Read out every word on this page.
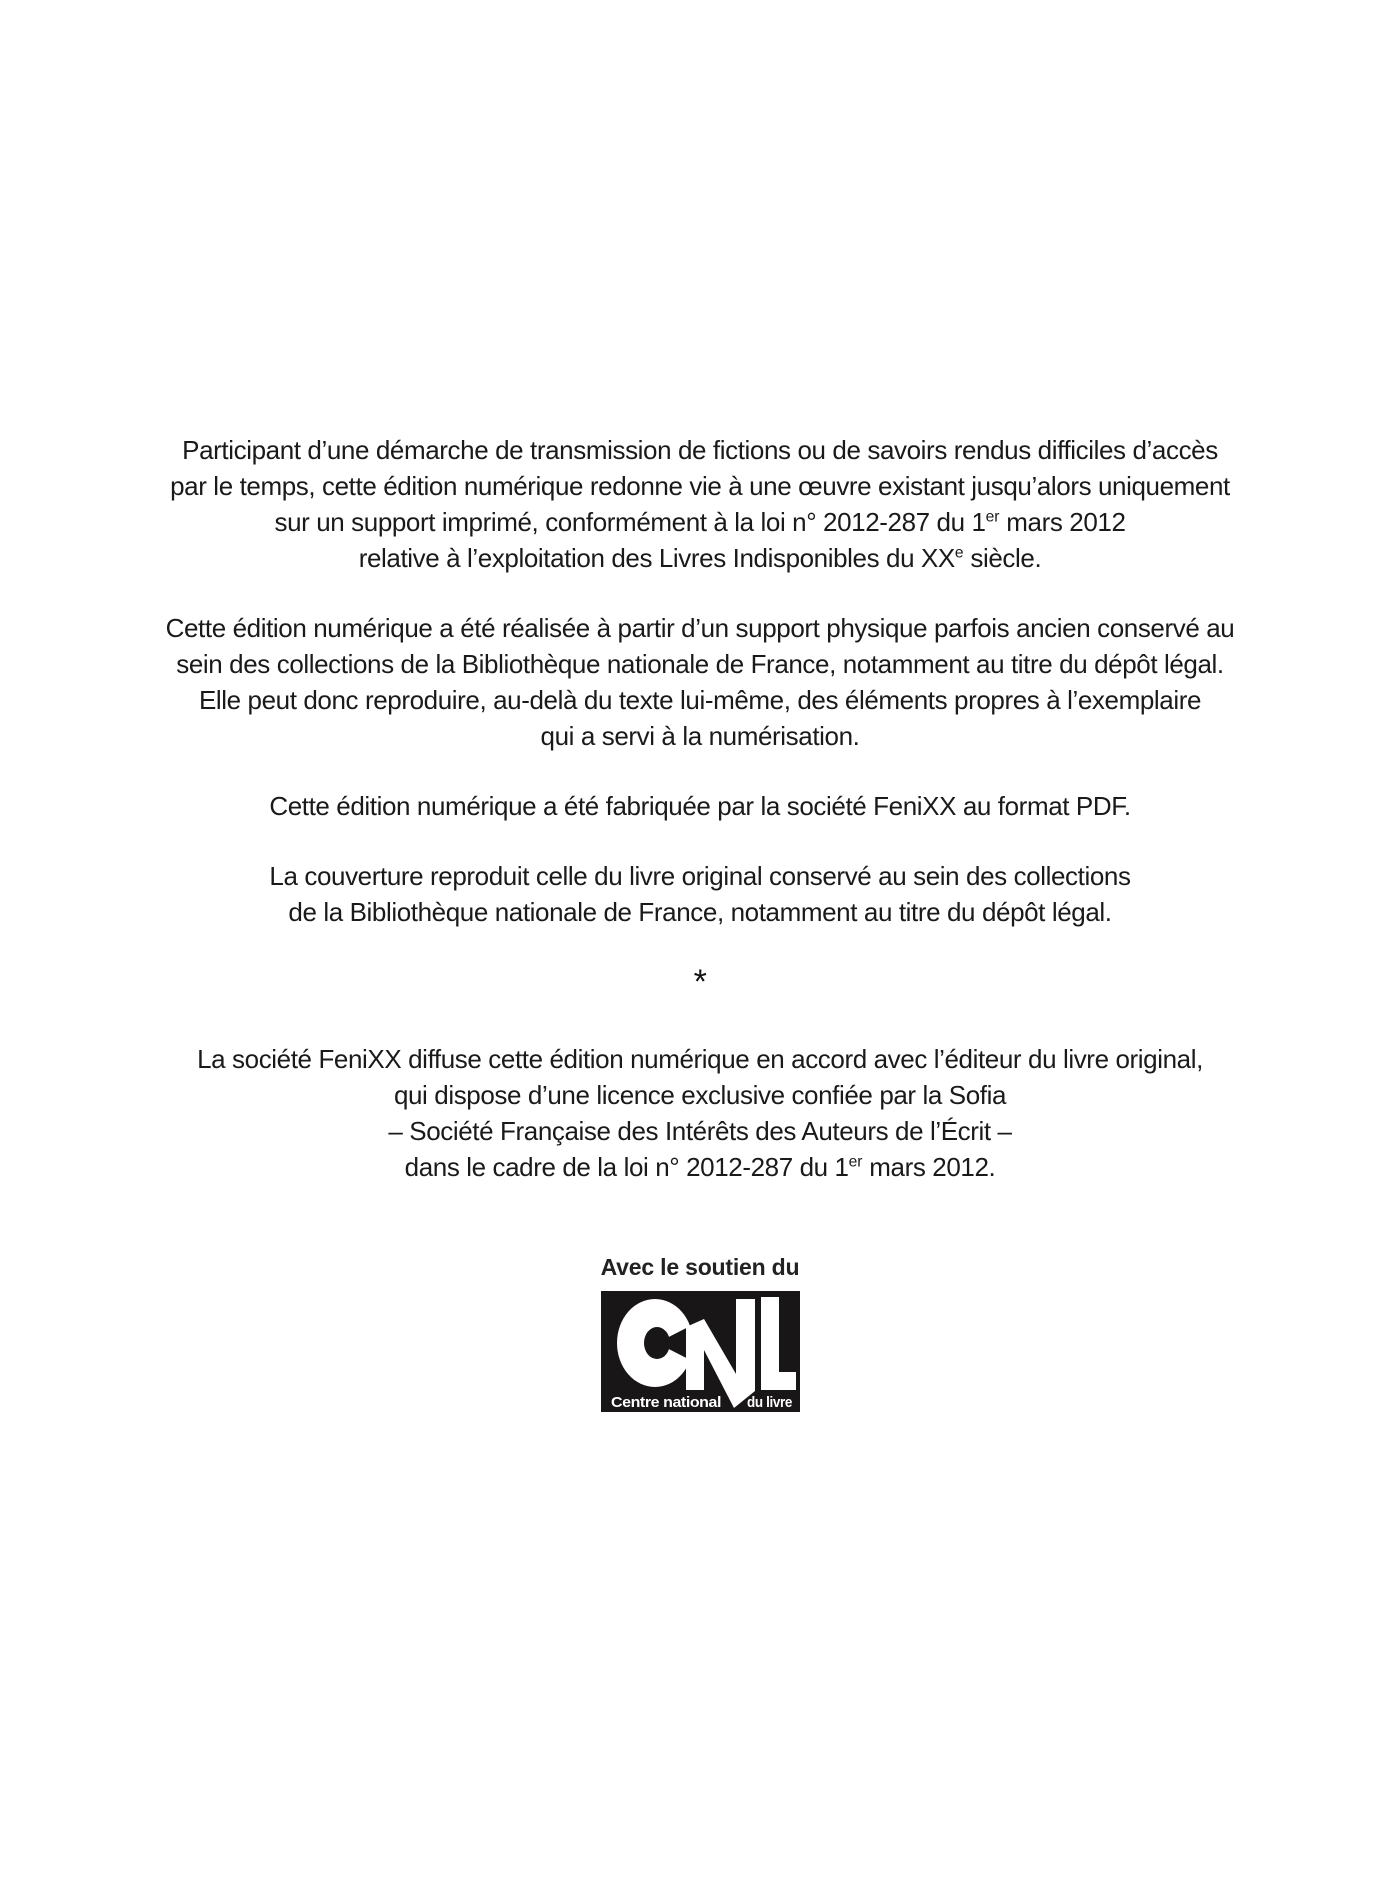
Participant d’une démarche de transmission de fictions ou de savoirs rendus difficiles d’accès
par le temps, cette édition numérique redonne vie à une œuvre existant jusqu’alors uniquement
sur un support imprimé, conformément à la loi n° 2012-287 du 1er mars 2012
relative à l’exploitation des Livres Indisponibles du XXe siècle.

Cette édition numérique a été réalisée à partir d’un support physique parfois ancien conservé au
sein des collections de la Bibliothèque nationale de France, notamment au titre du dépôt légal.
Elle peut donc reproduire, au-delà du texte lui-même, des éléments propres à l’exemplaire
qui a servi à la numérisation.

Cette édition numérique a été fabriquée par la société FeniXX au format PDF.

La couverture reproduit celle du livre original conservé au sein des collections
de la Bibliothèque nationale de France, notamment au titre du dépôt légal.

*

La société FeniXX diffuse cette édition numérique en accord avec l’éditeur du livre original,
qui dispose d’une licence exclusive confiée par la Sofia
– Société Française des Intérêts des Auteurs de l’Écrit –
dans le cadre de la loi n° 2012-287 du 1er mars 2012.

Avec le soutien du
Centre national du livre
